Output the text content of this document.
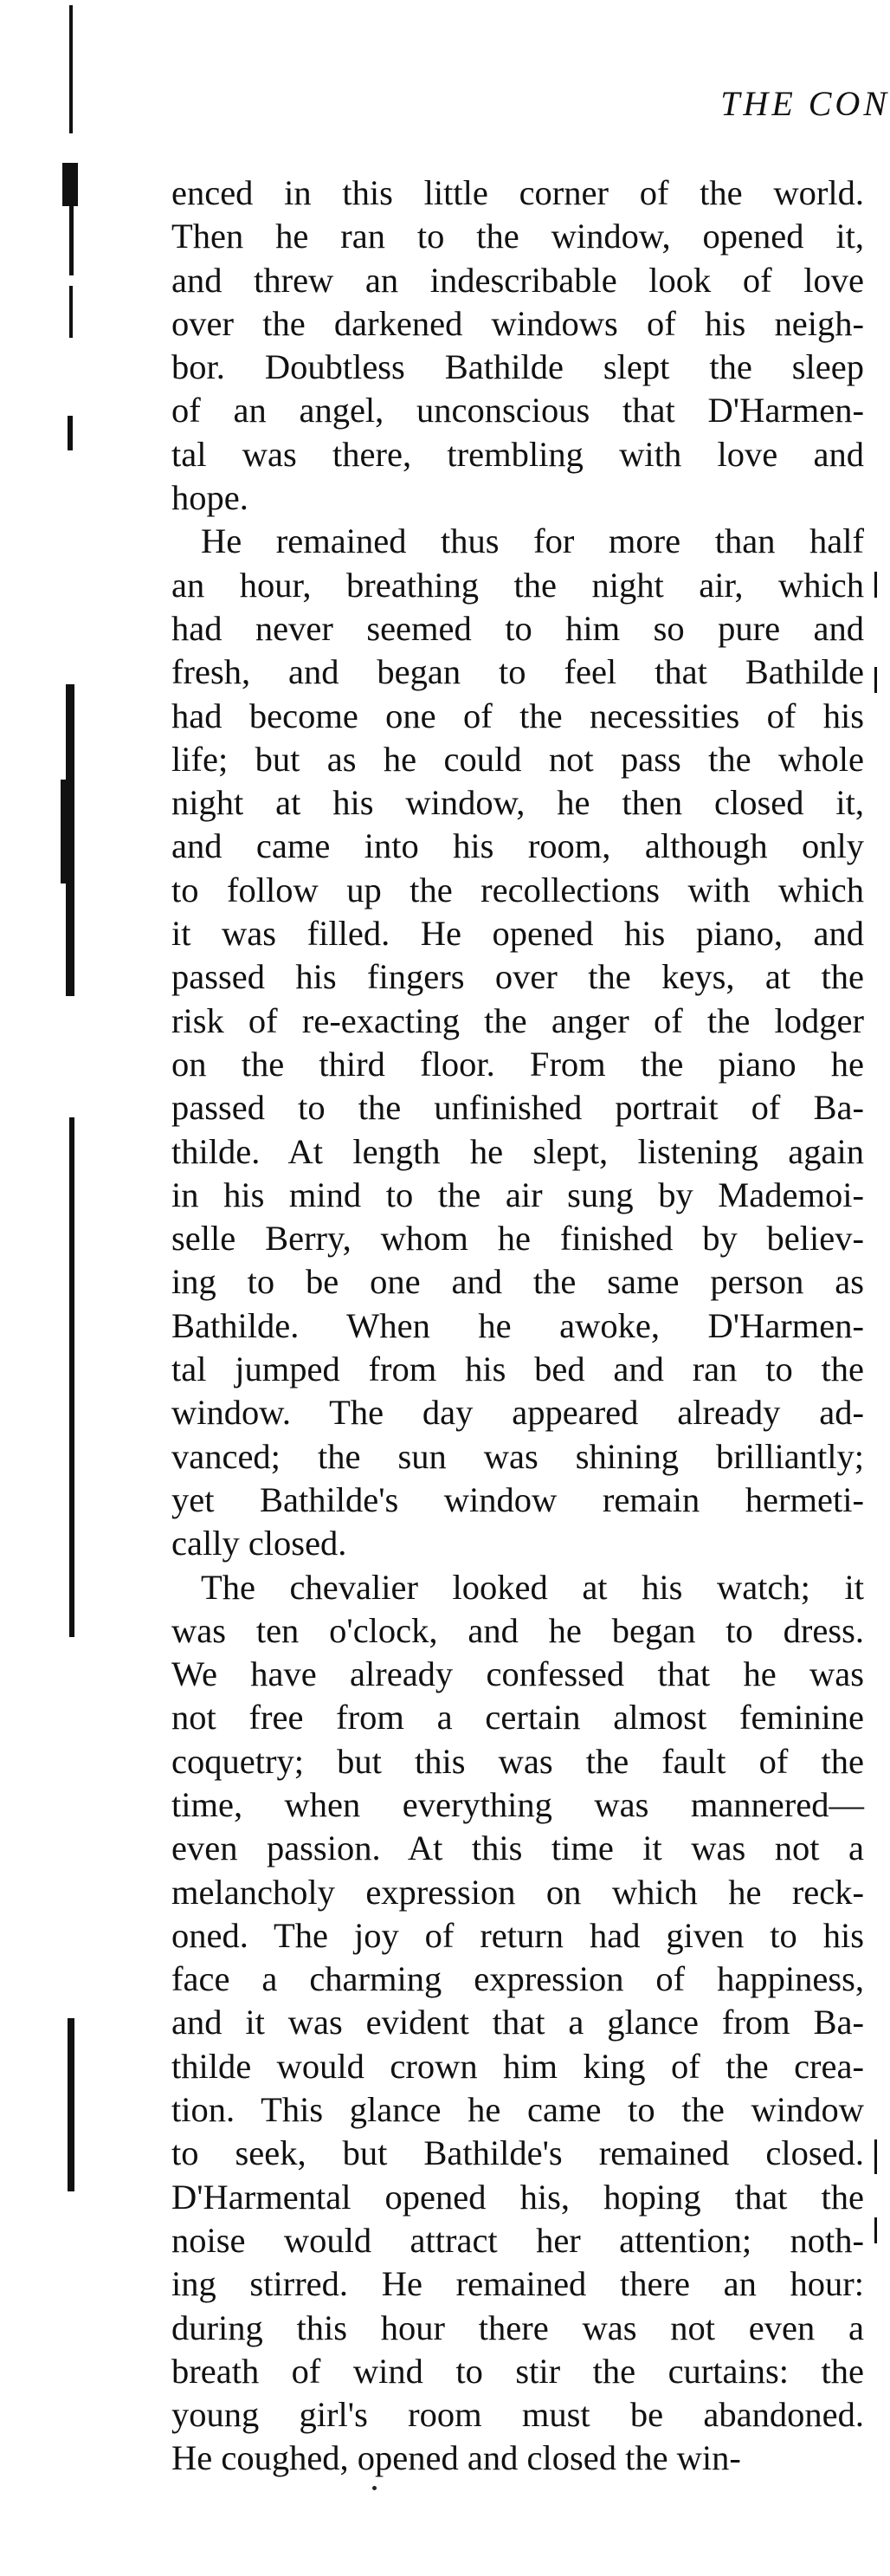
THE CON
enced in this little corner of the world.
Then he ran to the window, opened it,
and threw an indescribable look of love
over the darkened windows of his neigh-
bor. Doubtless Bathilde slept the sleep
of an angel, unconscious that D'Harmen-
tal was there, trembling with love and
hope.
He remained thus for more than half
an hour, breathing the night air, which
had never seemed to him so pure and
fresh, and began to feel that Bathilde
had become one of the necessities of his
life; but as he could not pass the whole
night at his window, he then closed it,
and came into his room, although only
to follow up the recollections with which
it was filled. He opened his piano, and
passed his fingers over the keys, at the
risk of re-exacting the anger of the lodger
on the third floor. From the piano he
passed to the unfinished portrait of Ba-
thilde. At length he slept, listening again
in his mind to the air sung by Mademoi-
selle Berry, whom he finished by believ-
ing to be one and the same person as
Bathilde. When he awoke, D'Harmen-
tal jumped from his bed and ran to the
window. The day appeared already ad-
vanced; the sun was shining brilliantly;
yet Bathilde's window remain hermeti-
cally closed.
The chevalier looked at his watch; it
was ten o'clock, and he began to dress.
We have already confessed that he was
not free from a certain almost feminine
coquetry; but this was the fault of the
time, when everything was mannered—
even passion. At this time it was not a
melancholy expression on which he reck-
oned. The joy of return had given to his
face a charming expression of happiness,
and it was evident that a glance from Ba-
thilde would crown him king of the crea-
tion. This glance he came to the window
to seek, but Bathilde's remained closed.
D'Harmental opened his, hoping that the
noise would attract her attention; noth-
ing stirred. He remained there an hour:
during this hour there was not even a
breath of wind to stir the curtains: the
young girl's room must be abandoned.
He coughed, opened and closed the win-
